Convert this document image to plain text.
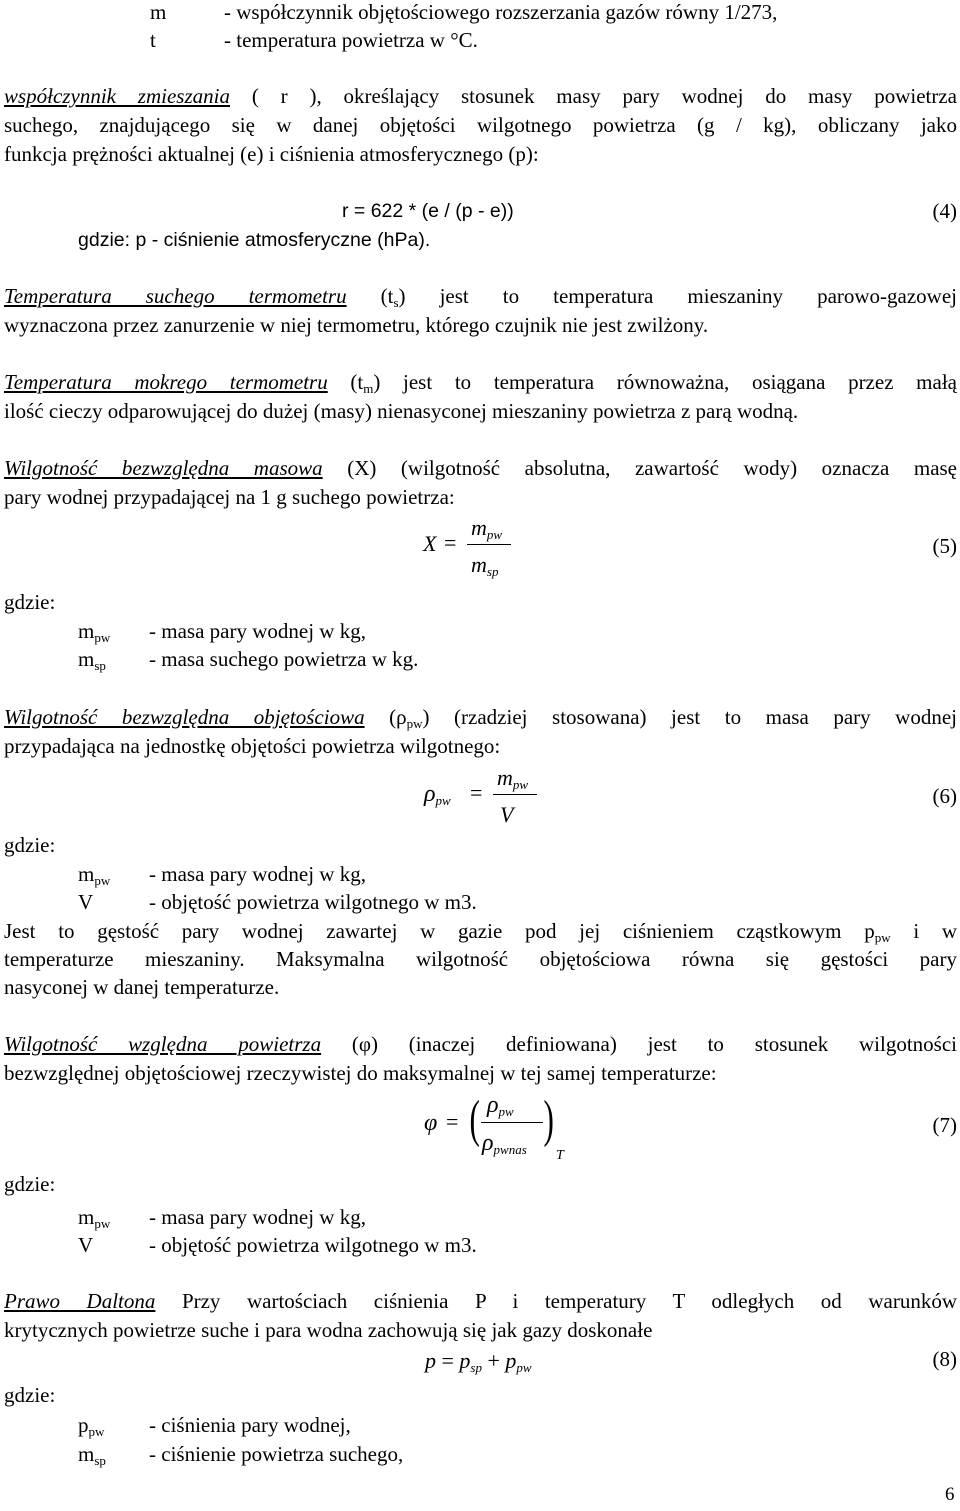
m	- współczynnik objętościowego rozszerzania gazów równy 1/273,
t	- temperatura powietrza w °C.
współczynnik zmieszania ( r ), określający stosunek masy pary wodnej do masy powietrza
suchego, znajdującego się w danej objętości wilgotnego powietrza (g / kg), obliczany jako
funkcja prężności aktualnej (e) i ciśnienia atmosferycznego (p):
r = 622 * (e / (p - e))	(4)
gdzie: p - ciśnienie atmosferyczne (hPa).
Temperatura suchego termometru $(t_s)$ jest to temperatura mieszaniny parowo-gazowej
wyznaczona przez zanurzenie w niej termometru, którego czujnik nie jest zwilżony.
Temperatura mokrego termometru $(t_m)$ jest to temperatura równoważna, osiągana przez małą
ilość cieczy odparowującej do dużej (masy) nienasyconej mieszaniny powietrza z parą wodną.
Wilgotność bezwzględna masowa (X) (wilgotność absolutna, zawartość wody) oznacza masę
pary wodnej przypadającej na 1 g suchego powietrza:
X =
$m_{pw}$
$m_{sp}$
(5)
gdzie:
$m_{pw}$ - masa pary wodnej w kg,
$m_{sp}$ - masa suchego powietrza w kg.
Wilgotność bezwzględna objętościowa $(\rho_{pw})$ (rzadziej stosowana) jest to masa pary wodnej
przypadająca na jednostkę objętości powietrza wilgotnego:
$\rho_{pw}$ =
$m_{pw}$
V
(6)
gdzie:
$m_{pw}$ - masa pary wodnej w kg,
V	- objętość powietrza wilgotnego w m3.
Jest to gęstość pary wodnej zawartej w gazie pod jej ciśnieniem cząstkowym $p_{pw}$ i w
temperaturze mieszaniny. Maksymalna wilgotność objętościowa równa się gęstości pary
nasyconej w danej temperaturze.
Wilgotność względna powietrza (φ) (inaczej definiowana) jest to stosunek wilgotności
bezwzględnej objętościowej rzeczywistej do maksymalnej w tej samej temperaturze:
φ = ( $\rho_{pw}$
$\rho_{pwnas}$
)
T
(7)
gdzie:
$m_{pw}$ - masa pary wodnej w kg,
V	- objętość powietrza wilgotnego w m3.
Prawo Daltona Przy wartościach ciśnienia P i temperatury T odległych od warunków
krytycznych powietrze suche i para wodna zachowują się jak gazy doskonałe
$p = p_{sp} + p_{pw}$	(8)
gdzie:
$p_{pw}$ - ciśnienia pary wodnej,
$m_{sp}$ - ciśnienie powietrza suchego,
6
